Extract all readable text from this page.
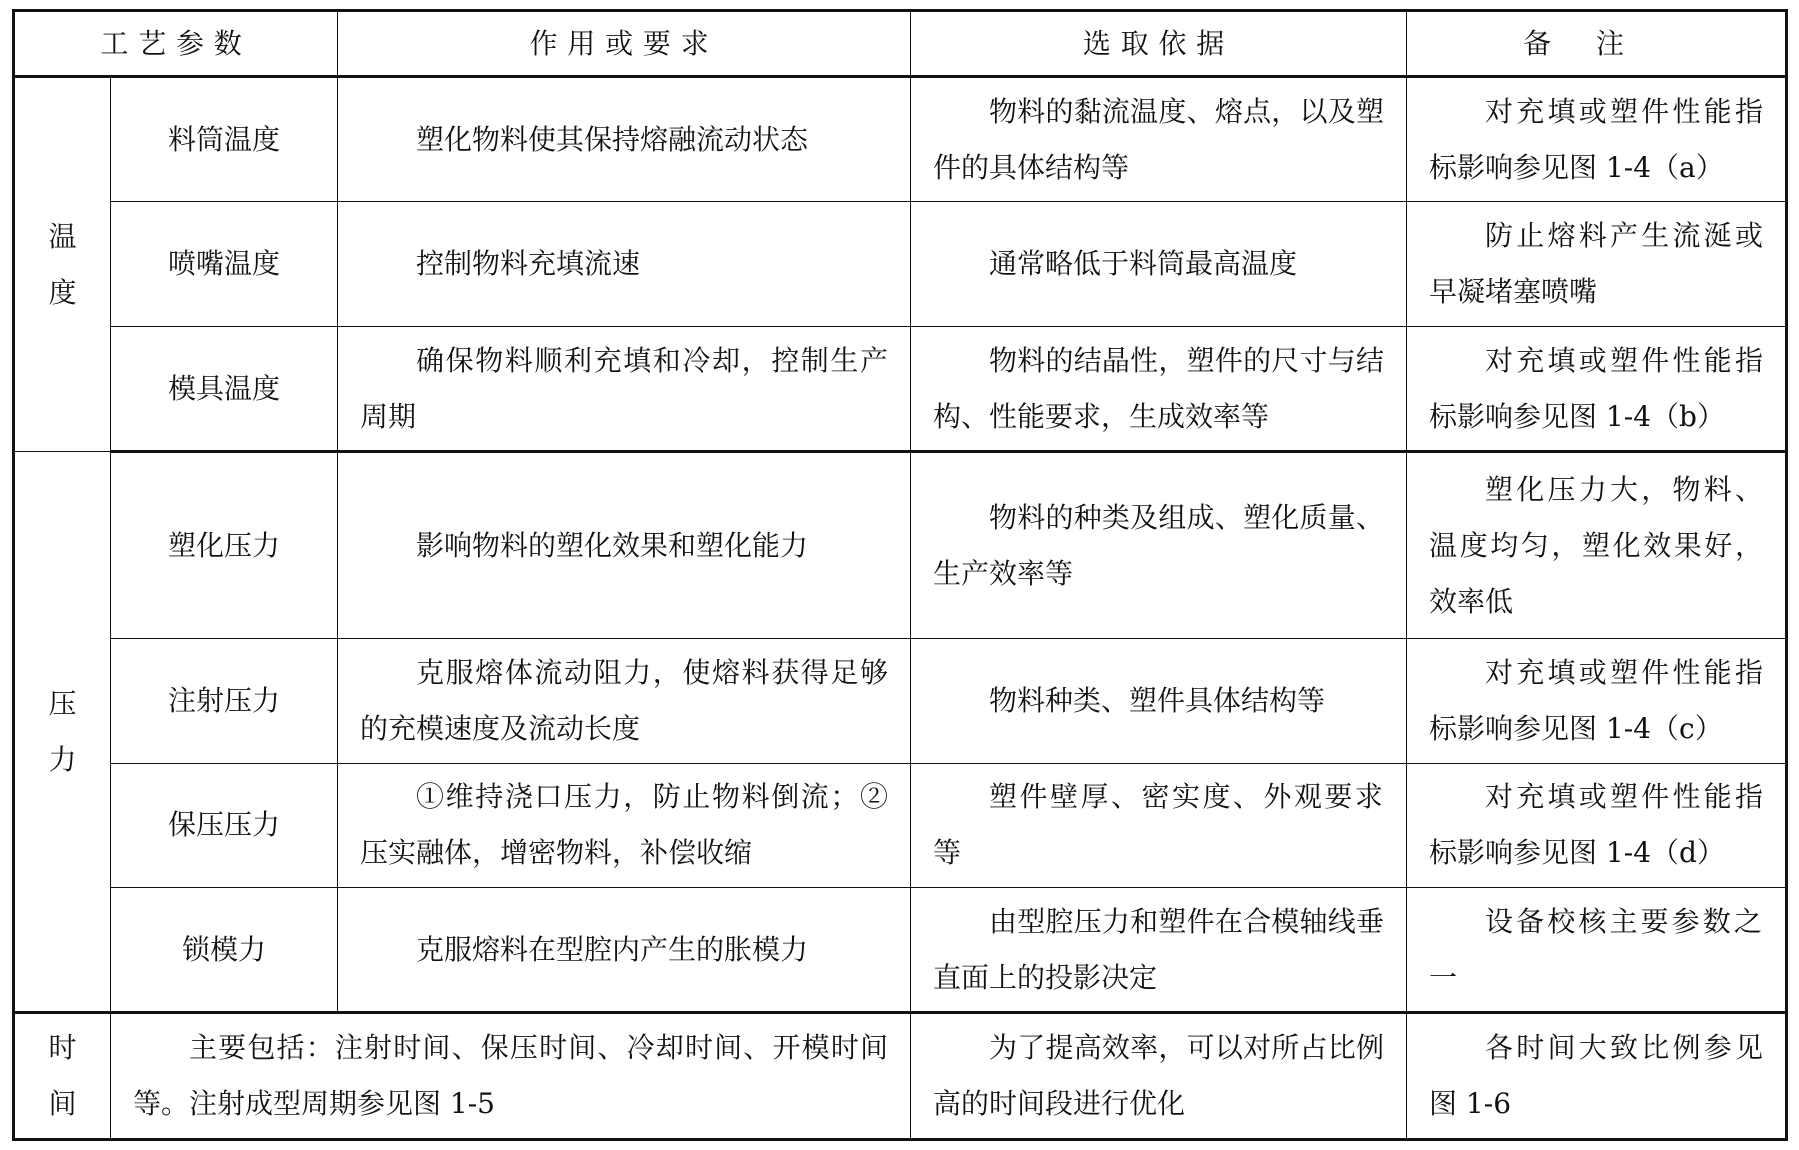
工艺参数		作用或要求	选取依据	备注
温度	料筒温度	塑化物料使其保持熔融流动状态	物料的黏流温度、熔点，以及塑件的具体结构等	对充填或塑件性能指标影响参见图 1-4（a）
	喷嘴温度	控制物料充填流速	通常略低于料筒最高温度	防止熔料产生流涎或早凝堵塞喷嘴
	模具温度	确保物料顺利充填和冷却，控制生产周期	物料的结晶性，塑件的尺寸与结构、性能要求，生成效率等	对充填或塑件性能指标影响参见图 1-4（b）
压力	塑化压力	影响物料的塑化效果和塑化能力	物料的种类及组成、塑化质量、生产效率等	塑化压力大，物料、温度均匀，塑化效果好，效率低
	注射压力	克服熔体流动阻力，使熔料获得足够的充模速度及流动长度	物料种类、塑件具体结构等	对充填或塑件性能指标影响参见图 1-4（c）
	保压压力	①维持浇口压力，防止物料倒流；②压实融体，增密物料，补偿收缩	塑件壁厚、密实度、外观要求等	对充填或塑件性能指标影响参见图 1-4（d）
	锁模力	克服熔料在型腔内产生的胀模力	由型腔压力和塑件在合模轴线垂直面上的投影决定	设备校核主要参数之一
时间	主要包括：注射时间、保压时间、冷却时间、开模时间等。注射成型周期参见图 1-5		为了提高效率，可以对所占比例高的时间段进行优化	各时间大致比例参见图 1-6
